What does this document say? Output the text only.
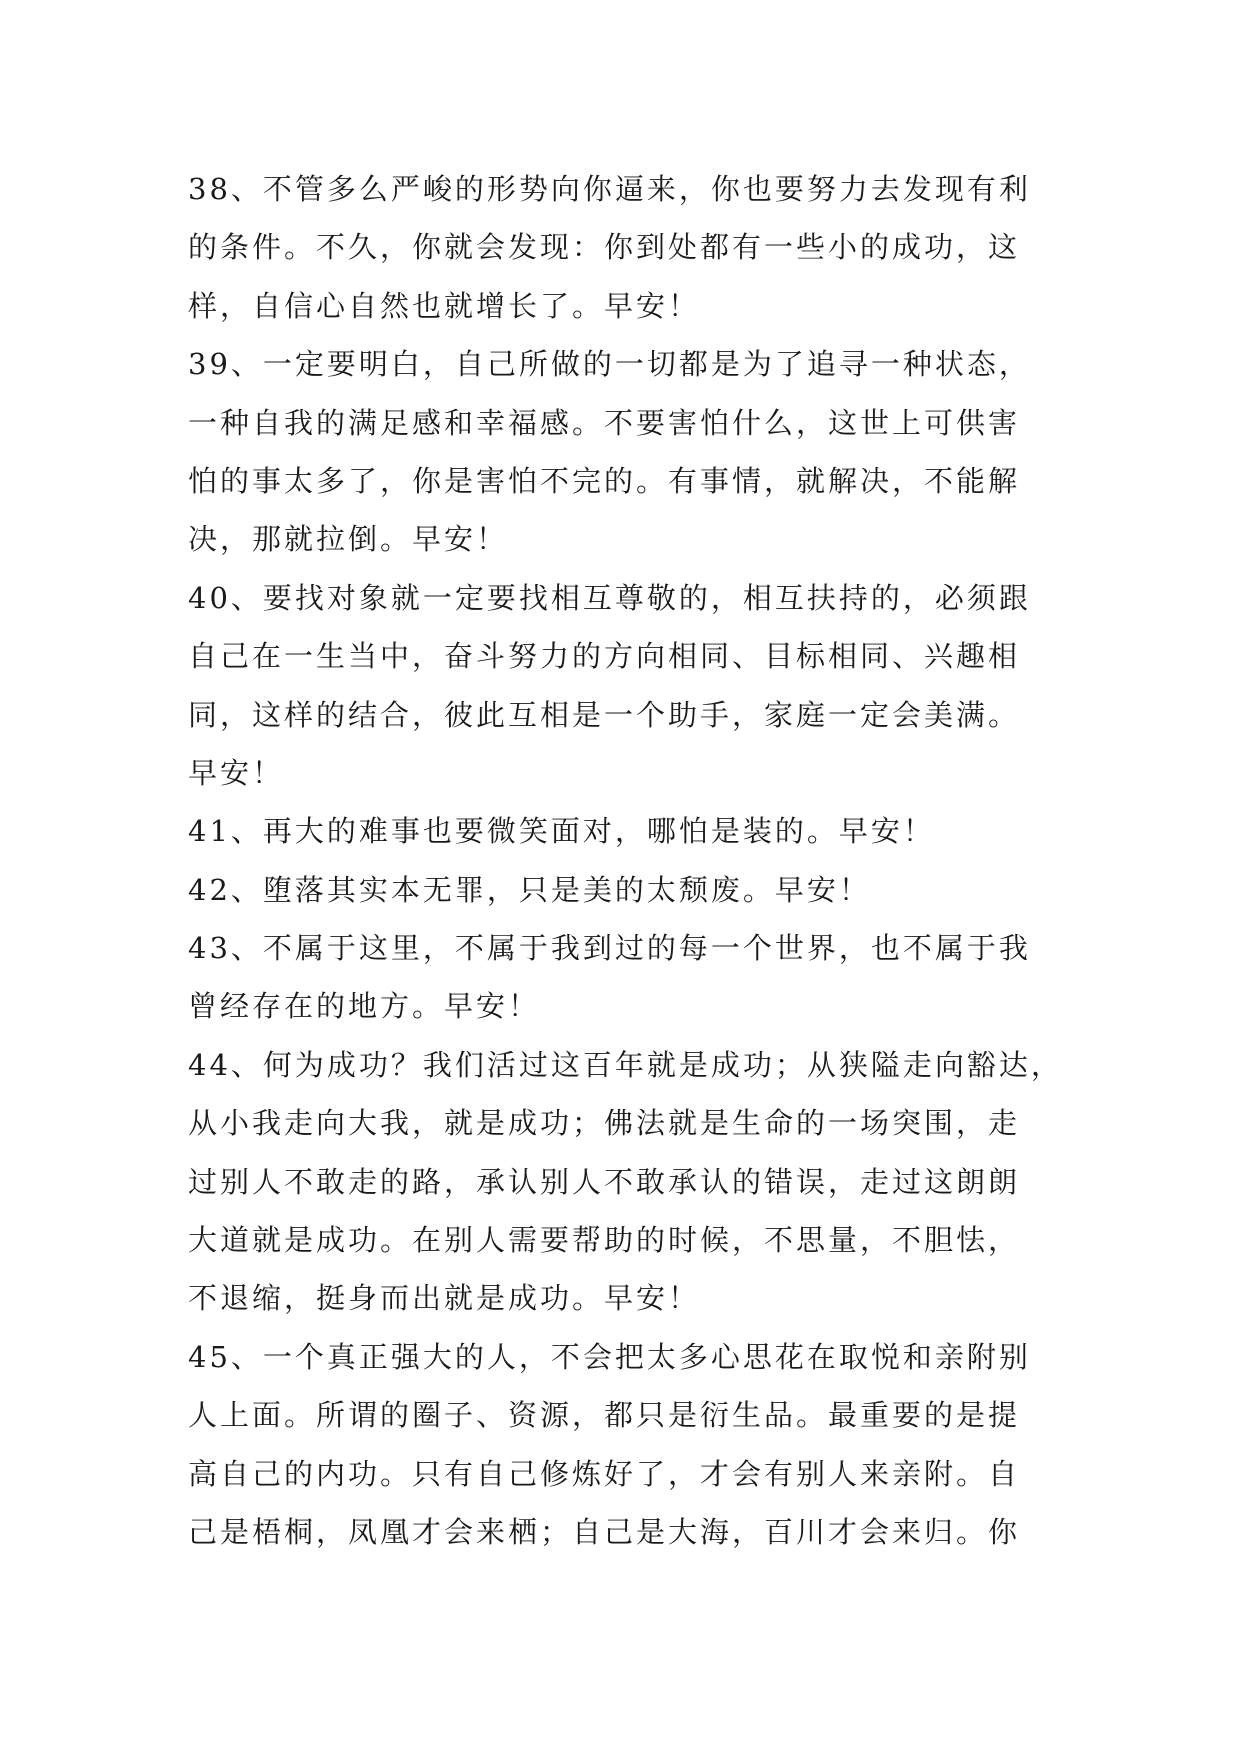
38、不管多么严峻的形势向你逼来，你也要努力去发现有利
的条件。不久，你就会发现：你到处都有一些小的成功，这
样，自信心自然也就增长了。早安！
39、一定要明白，自己所做的一切都是为了追寻一种状态，
一种自我的满足感和幸福感。不要害怕什么，这世上可供害
怕的事太多了，你是害怕不完的。有事情，就解决，不能解
决，那就拉倒。早安！
40、要找对象就一定要找相互尊敬的，相互扶持的，必须跟
自己在一生当中，奋斗努力的方向相同、目标相同、兴趣相
同，这样的结合，彼此互相是一个助手，家庭一定会美满。
早安！
41、再大的难事也要微笑面对，哪怕是装的。早安！
42、堕落其实本无罪，只是美的太颓废。早安！
43、不属于这里，不属于我到过的每一个世界，也不属于我
曾经存在的地方。早安！
44、何为成功？我们活过这百年就是成功；从狭隘走向豁达，
从小我走向大我，就是成功；佛法就是生命的一场突围，走
过别人不敢走的路，承认别人不敢承认的错误，走过这朗朗
大道就是成功。在别人需要帮助的时候，不思量，不胆怯，
不退缩，挺身而出就是成功。早安！
45、一个真正强大的人，不会把太多心思花在取悦和亲附别
人上面。所谓的圈子、资源，都只是衍生品。最重要的是提
高自己的内功。只有自己修炼好了，才会有别人来亲附。自
己是梧桐，凤凰才会来栖；自己是大海，百川才会来归。你
